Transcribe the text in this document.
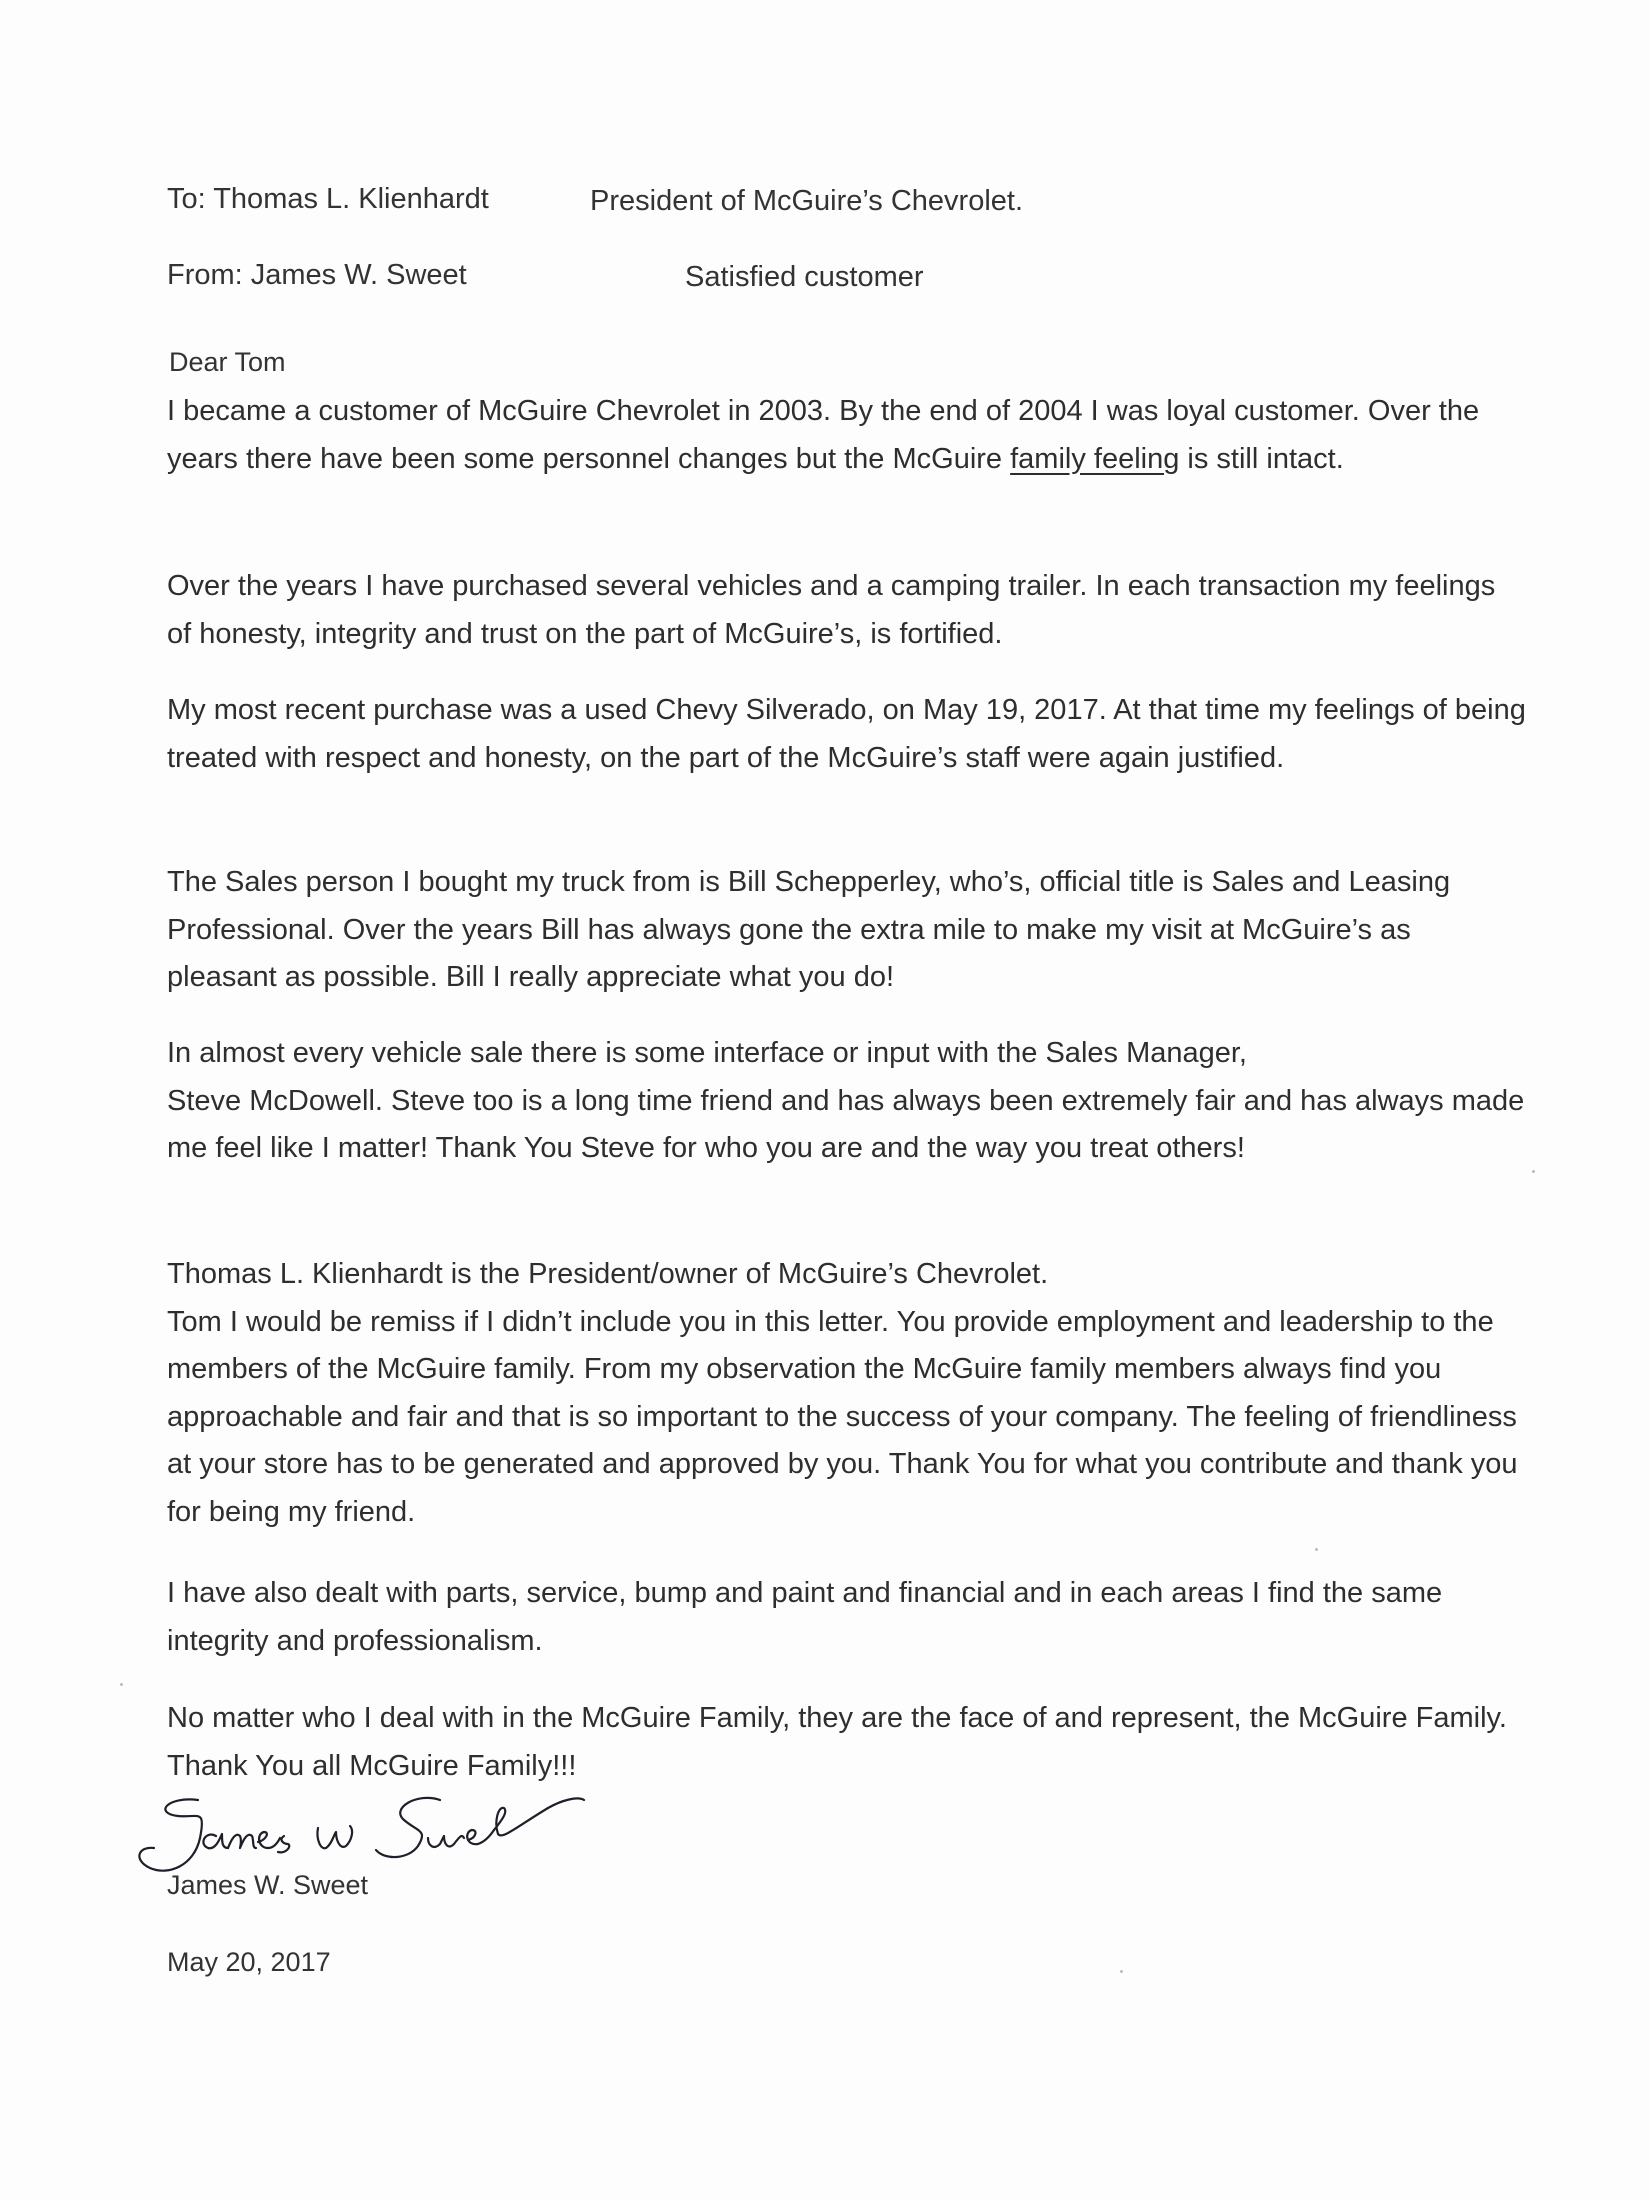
To: Thomas L. Klienhardt	President of McGuire’s Chevrolet.
From: James W. Sweet	Satisfied customer
Dear Tom

I became a customer of McGuire Chevrolet in 2003. By the end of 2004 I was loyal customer. Over the years there have been some personnel changes but the McGuire family feeling is still intact.

Over the years I have purchased several vehicles and a camping trailer. In each transaction my feelings of honesty, integrity and trust on the part of McGuire’s, is fortified.

My most recent purchase was a used Chevy Silverado, on May 19, 2017. At that time my feelings of being treated with respect and honesty, on the part of the McGuire’s staff were again justified.

The Sales person I bought my truck from is Bill Schepperley, who’s, official title is Sales and Leasing Professional. Over the years Bill has always gone the extra mile to make my visit at McGuire’s as pleasant as possible. Bill I really appreciate what you do!

In almost every vehicle sale there is some interface or input with the Sales Manager,

Steve McDowell. Steve too is a long time friend and has always been extremely fair and has always made me feel like I matter! Thank You Steve for who you are and the way you treat others!

Thomas L. Klienhardt is the President/owner of McGuire’s Chevrolet.

Tom I would be remiss if I didn’t include you in this letter. You provide employment and leadership to the members of the McGuire family. From my observation the McGuire family members always find you approachable and fair and that is so important to the success of your company. The feeling of friendliness at your store has to be generated and approved by you. Thank You for what you contribute and thank you for being my friend.

I have also dealt with parts, service, bump and paint and financial and in each areas I find the same integrity and professionalism.

No matter who I deal with in the McGuire Family, they are the face of and represent, the McGuire Family. Thank You all McGuire Family!!!

James W. Sweet
May 20, 2017
